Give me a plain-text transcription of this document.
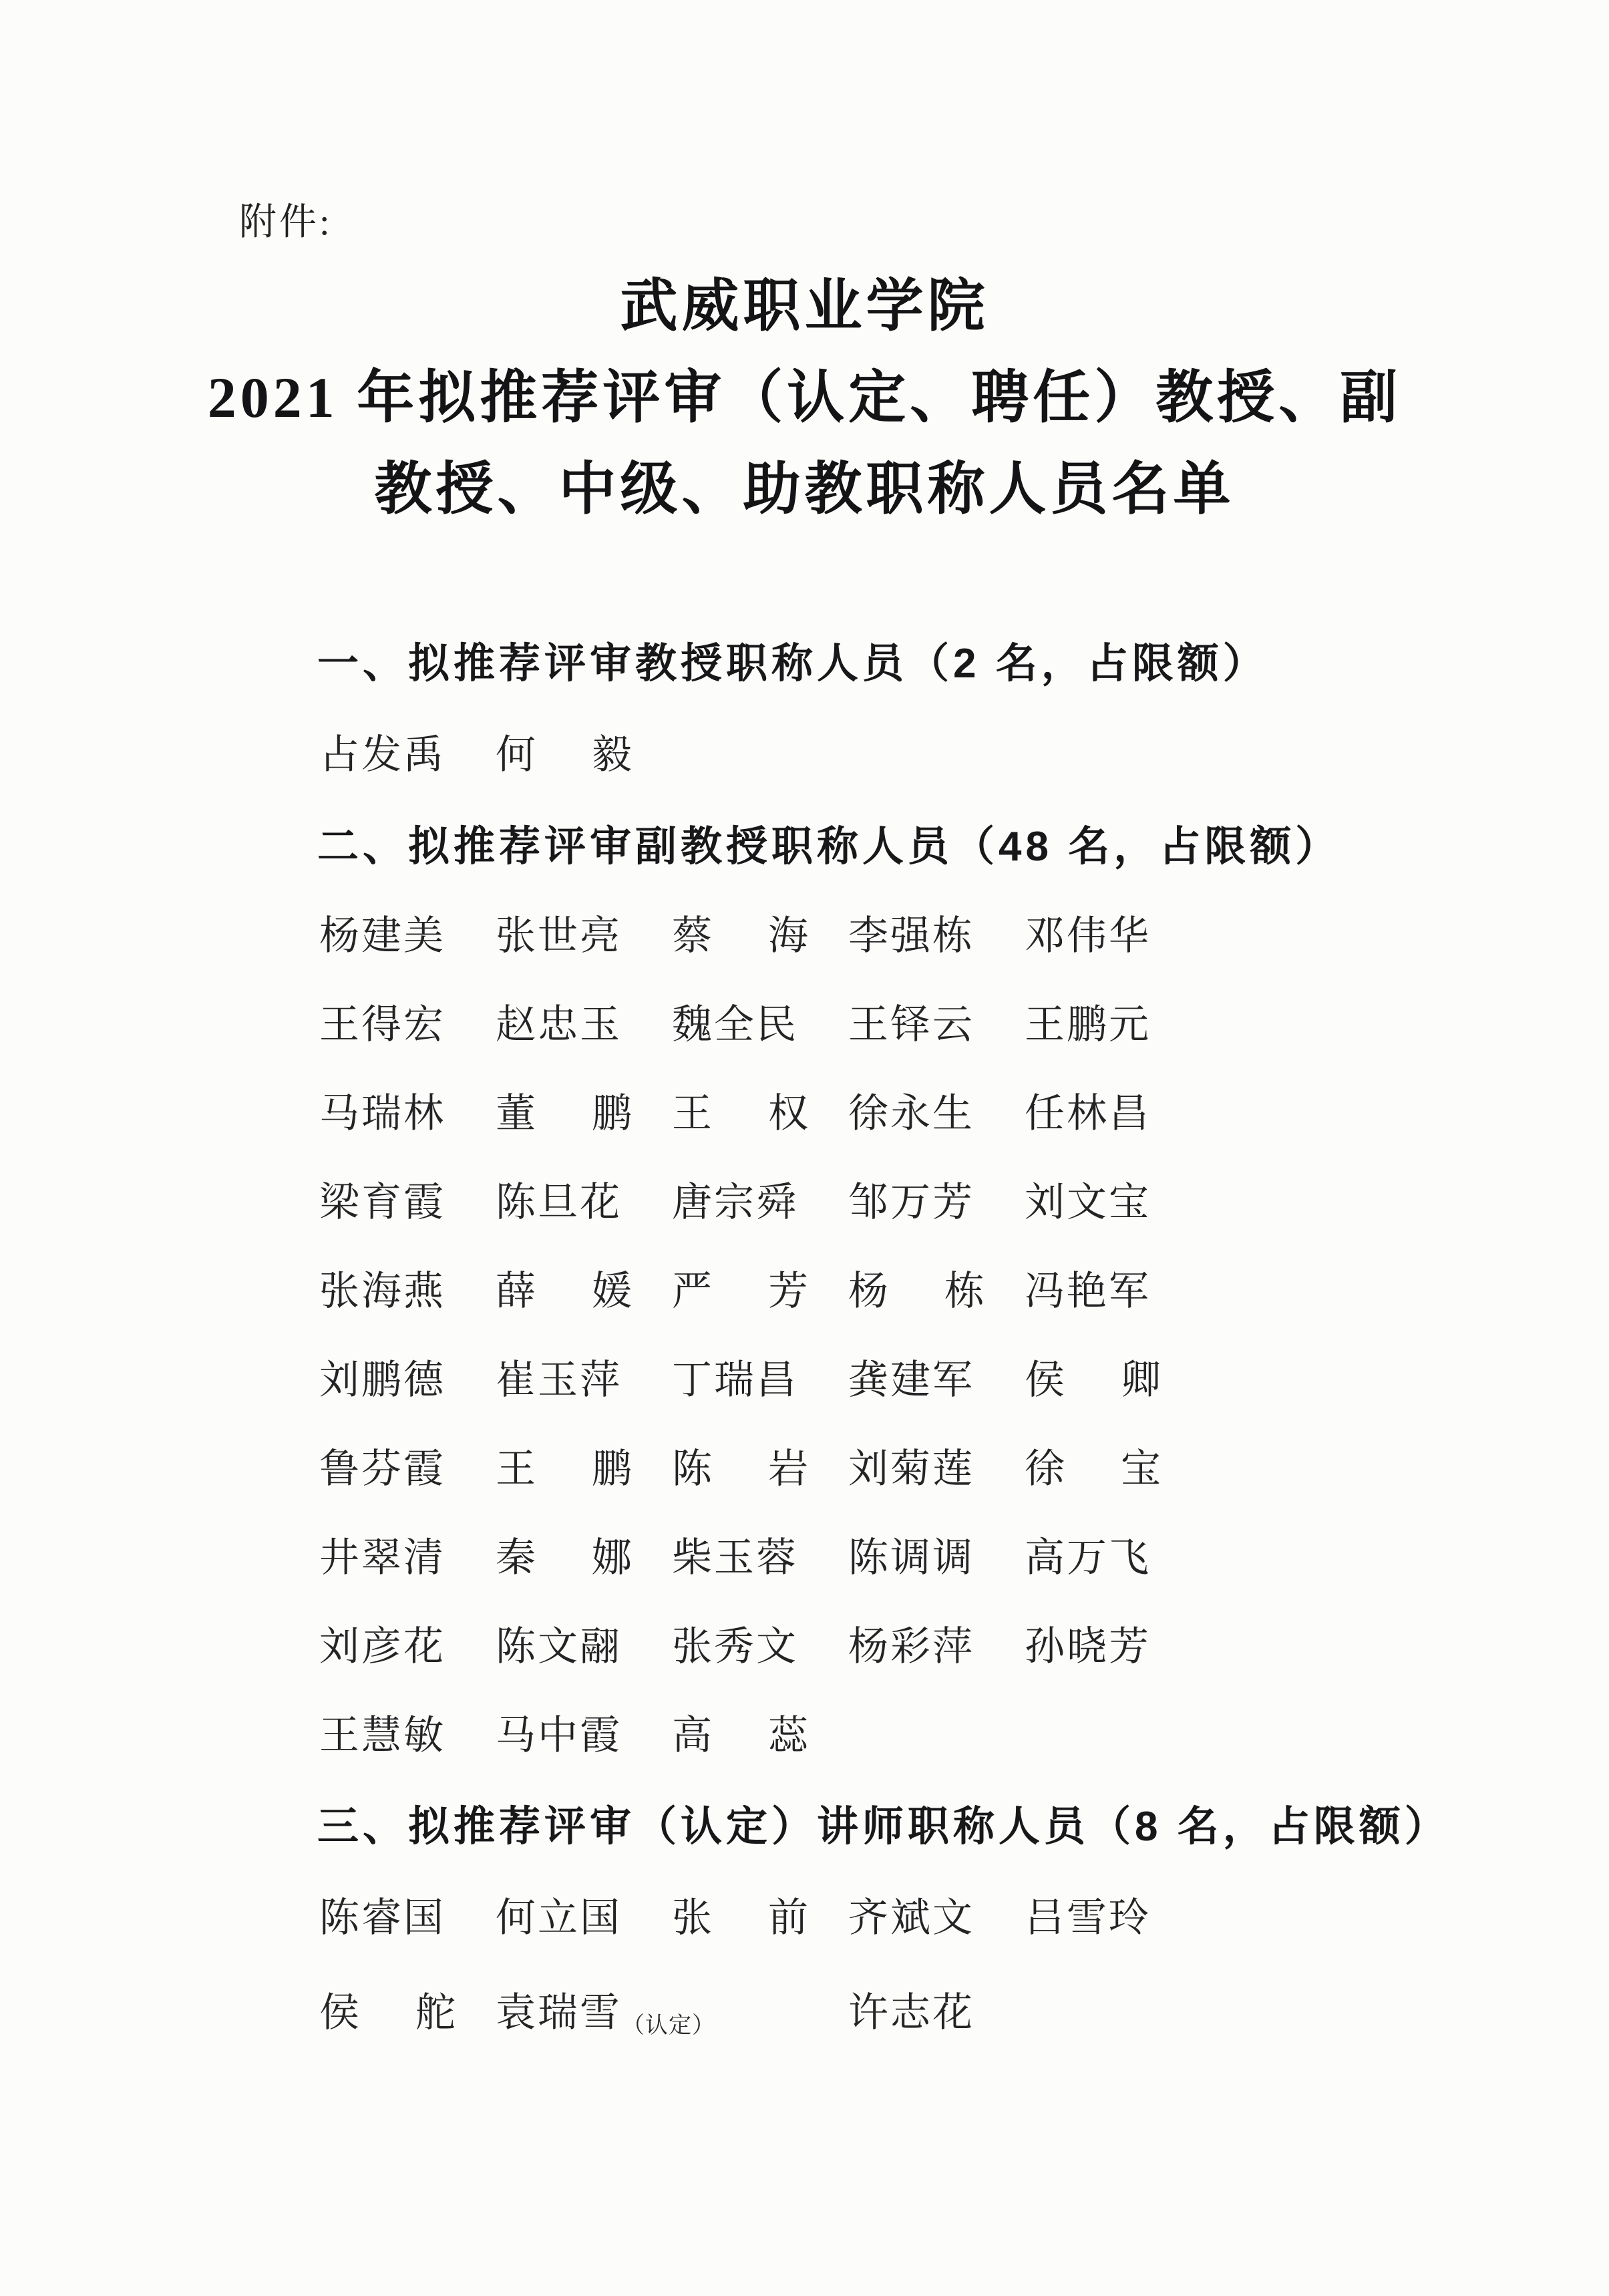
附件:
武威职业学院
2021 年拟推荐评审（认定、聘任）教授、副
教授、中级、助教职称人员名单
一、拟推荐评审教授职称人员（2 名，占限额）
占发禹 何　 毅
二、拟推荐评审副教授职称人员（48 名，占限额）
杨建美 张世亮 蔡　 海 李强栋 邓伟华
王得宏 赵忠玉 魏全民 王铎云 王鹏元
马瑞林 董　 鹏 王　 权 徐永生 任林昌
梁育霞 陈旦花 唐宗舜 邹万芳 刘文宝
张海燕 薛　 媛 严　 芳 杨　 栋 冯艳军
刘鹏德 崔玉萍 丁瑞昌 龚建军 侯　 卿
鲁芬霞 王　 鹏 陈　 岩 刘菊莲 徐　 宝
井翠清 秦　 娜 柴玉蓉 陈调调 高万飞
刘彦花 陈文翮 张秀文 杨彩萍 孙晓芳
王慧敏 马中霞 高　 蕊
三、拟推荐评审（认定）讲师职称人员（8 名，占限额）
陈睿国 何立国 张　 前 齐斌文 吕雪玲
侯　 舵 袁瑞雪（认定）	许志花
